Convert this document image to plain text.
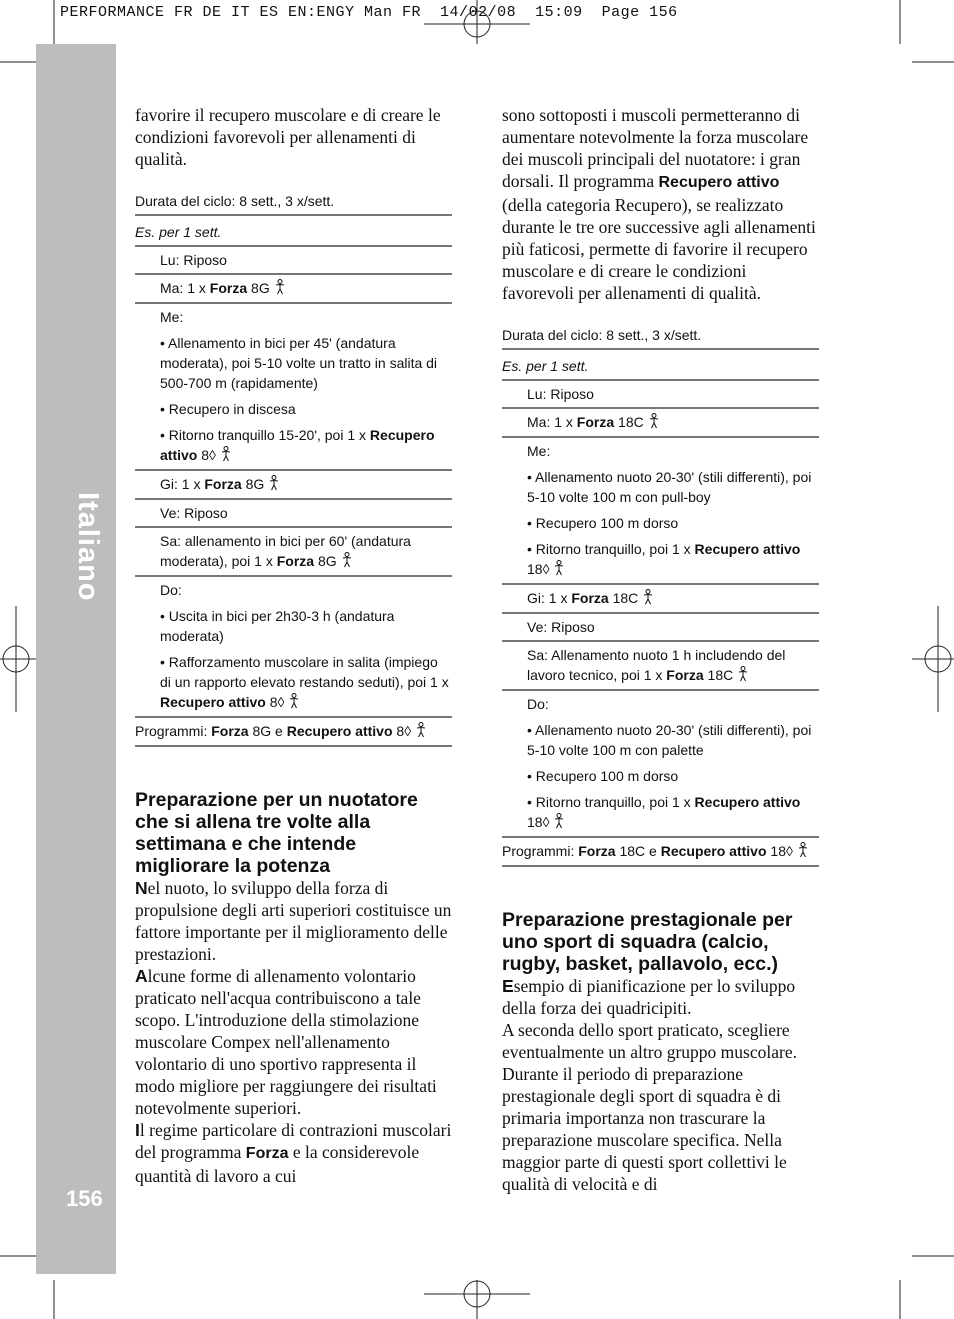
PERFORMANCE FR DE IT ES EN:ENGY Man FR  14/02/08  15:09  Page 156
Italiano
156

favorire il recupero muscolare e di creare le condizioni favorevoli per allenamenti di qualità.

Durata del ciclo: 8 sett., 3 x/sett.
Es. per 1 sett.
Lu: Riposo
Ma: 1 x Forza 8G
Me:
• Allenamento in bici per 45' (andatura moderata), poi 5-10 volte un tratto in salita di 500-700 m (rapidamente)
• Recupero in discesa
• Ritorno tranquillo 15-20', poi 1 x Recupero attivo 8◊
Gi: 1 x Forza 8G
Ve: Riposo
Sa: allenamento in bici per 60' (andatura moderata), poi 1 x Forza 8G
Do:
• Uscita in bici per 2h30-3 h (andatura moderata)
• Rafforzamento muscolare in salita (impiego di un rapporto elevato restando seduti), poi 1 x Recupero attivo 8◊
Programmi: Forza 8G e Recupero attivo 8◊
Preparazione per un nuotatore che si allena tre volte alla settimana e che intende migliorare la potenza

Nel nuoto, lo sviluppo della forza di propulsione degli arti superiori costituisce un fattore importante per il miglioramento delle prestazioni.

Alcune forme di allenamento volontario praticato nell'acqua contribuiscono a tale scopo. L'introduzione della stimolazione muscolare Compex nell'allenamento volontario di uno sportivo rappresenta il modo migliore per raggiungere dei risultati notevolmente superiori.

Il regime particolare di contrazioni muscolari del programma Forza e la considerevole quantità di lavoro a cui

sono sottoposti i muscoli permetteranno di aumentare notevolmente la forza muscolare dei muscoli principali del nuotatore: i gran dorsali. Il programma Recupero attivo (della categoria Recupero), se realizzato durante le tre ore successive agli allenamenti più faticosi, permette di favorire il recupero muscolare e di creare le condizioni favorevoli per allenamenti di qualità.

Durata del ciclo: 8 sett., 3 x/sett.
Es. per 1 sett.
Lu: Riposo
Ma: 1 x Forza 18C
Me:
• Allenamento nuoto 20-30' (stili differenti), poi 5-10 volte 100 m con pull-boy
• Recupero 100 m dorso
• Ritorno tranquillo, poi 1 x Recupero attivo 18◊
Gi: 1 x Forza 18C
Ve: Riposo
Sa: Allenamento nuoto 1 h includendo del lavoro tecnico, poi 1 x Forza 18C
Do:
• Allenamento nuoto 20-30' (stili differenti), poi 5-10 volte 100 m con palette
• Recupero 100 m dorso
• Ritorno tranquillo, poi 1 x Recupero attivo 18◊
Programmi: Forza 18C e Recupero attivo 18◊
Preparazione prestagionale per uno sport di squadra (calcio, rugby, basket, pallavolo, ecc.)

Esempio di pianificazione per lo sviluppo della forza dei quadricipiti.

A seconda dello sport praticato, scegliere eventualmente un altro gruppo muscolare. Durante il periodo di preparazione prestagionale degli sport di squadra è di primaria importanza non trascurare la preparazione muscolare specifica. Nella maggior parte di questi sport collettivi le qualità di velocità e di
